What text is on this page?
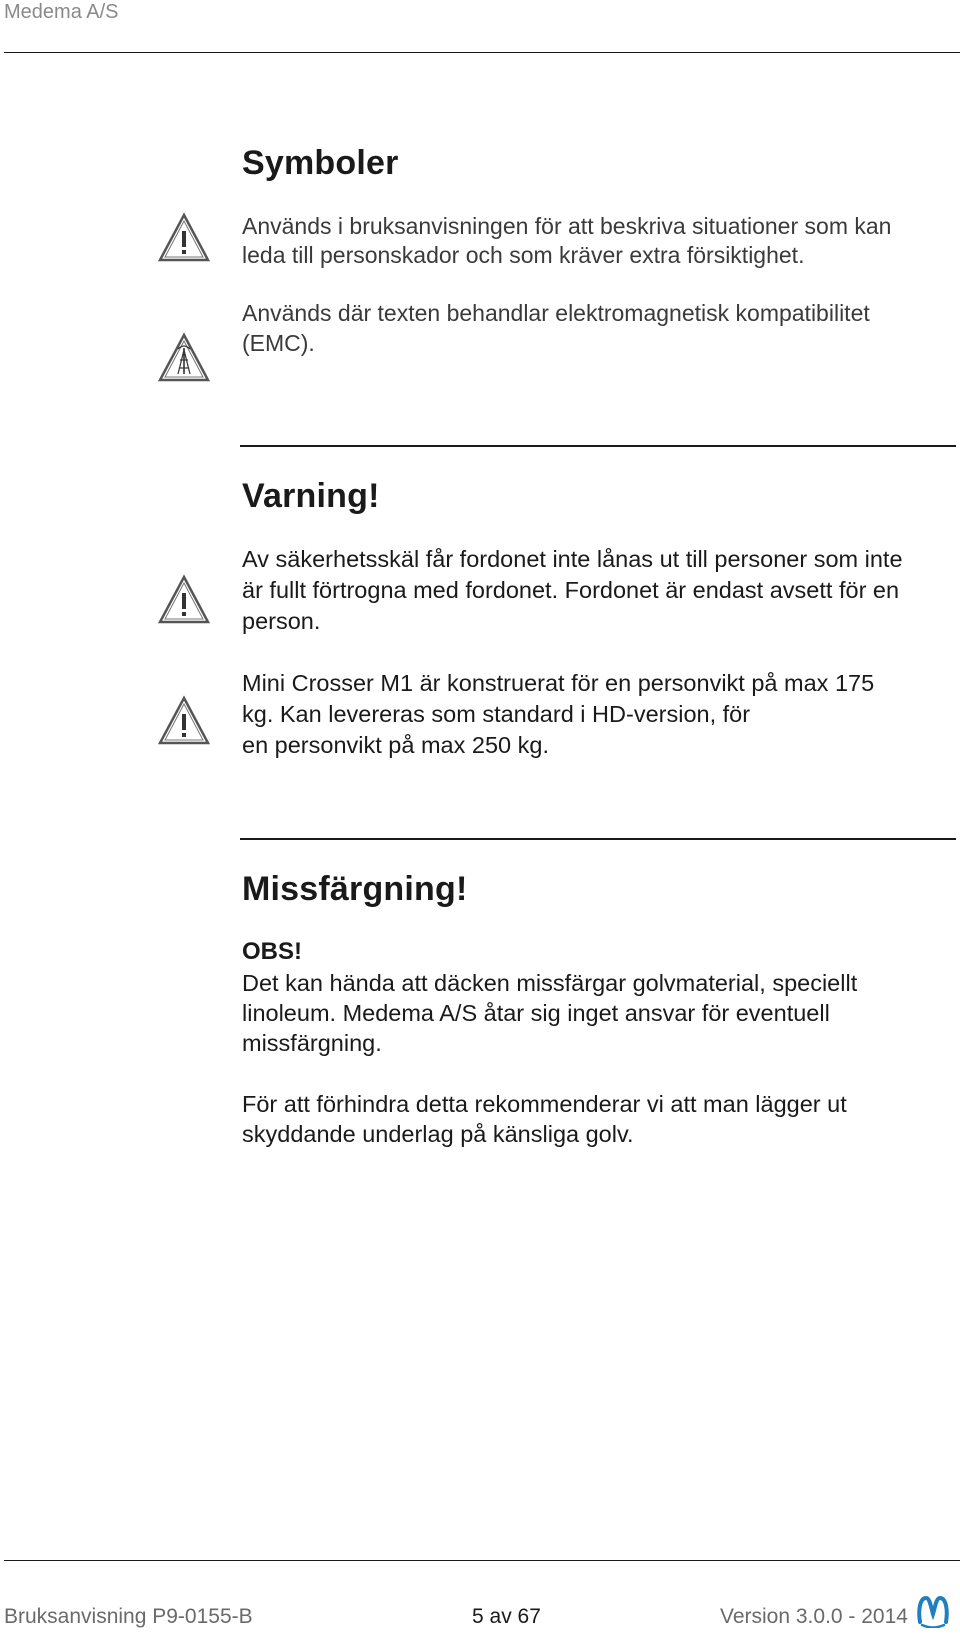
Medema A/S
Symboler
Används i bruksanvisningen för att beskriva situationer som kan
leda till personskador och som kräver extra försiktighet.
Används där texten behandlar elektromagnetisk kompatibilitet
(EMC).
Varning!
Av säkerhetsskäl får fordonet inte lånas ut till personer som inte
är fullt förtrogna med fordonet. Fordonet är endast avsett för en
person.
Mini Crosser M1 är konstruerat för en personvikt på max 175
kg. Kan levereras som standard i HD-version, för
en personvikt på max 250 kg.
Missfärgning!
OBS!
Det kan hända att däcken missfärgar golvmaterial, speciellt
linoleum. Medema A/S åtar sig inget ansvar för eventuell
missfärgning.
För att förhindra detta rekommenderar vi att man lägger ut
skyddande underlag på känsliga golv.
Bruksanvisning P9-0155-B	5 av 67	Version 3.0.0 - 2014
